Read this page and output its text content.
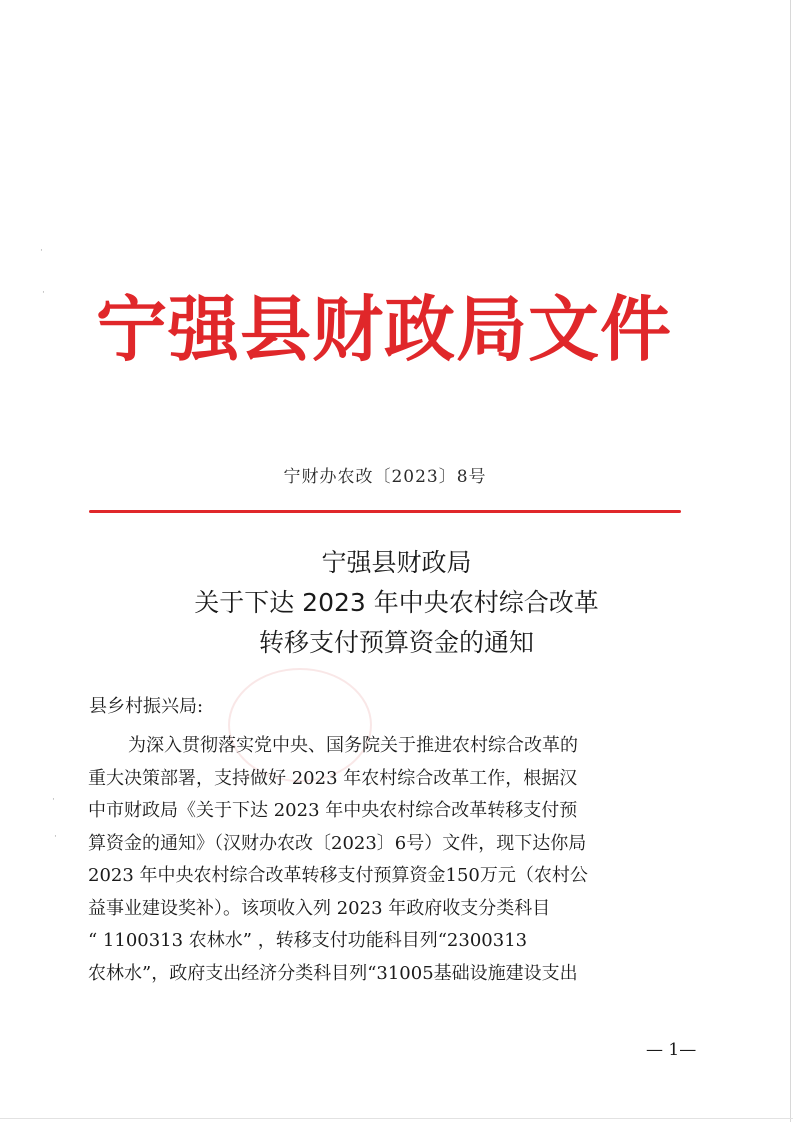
·
·
·
·
宁强县财政局文件
宁财办农改〔2023〕8号
宁强县财政局
关于下达 2023 年中央农村综合改革
转移支付预算资金的通知
县乡村振兴局:
为深入贯彻落实党中央、国务院关于推进农村综合改革的
重大决策部署，支持做好 2023 年农村综合改革工作，根据汉
中市财政局《关于下达 2023 年中央农村综合改革转移支付预
算资金的通知》（汉财办农改〔2023〕6号）文件，现下达你局
2023 年中央农村综合改革转移支付预算资金150万元（农村公
益事业建设奖补）。该项收入列 2023 年政府收支分类科目
“ 1100313 农林水” ，转移支付功能科目列“2300313
农林水”，政府支出经济分类科目列“31005基础设施建设支出
— 1—
